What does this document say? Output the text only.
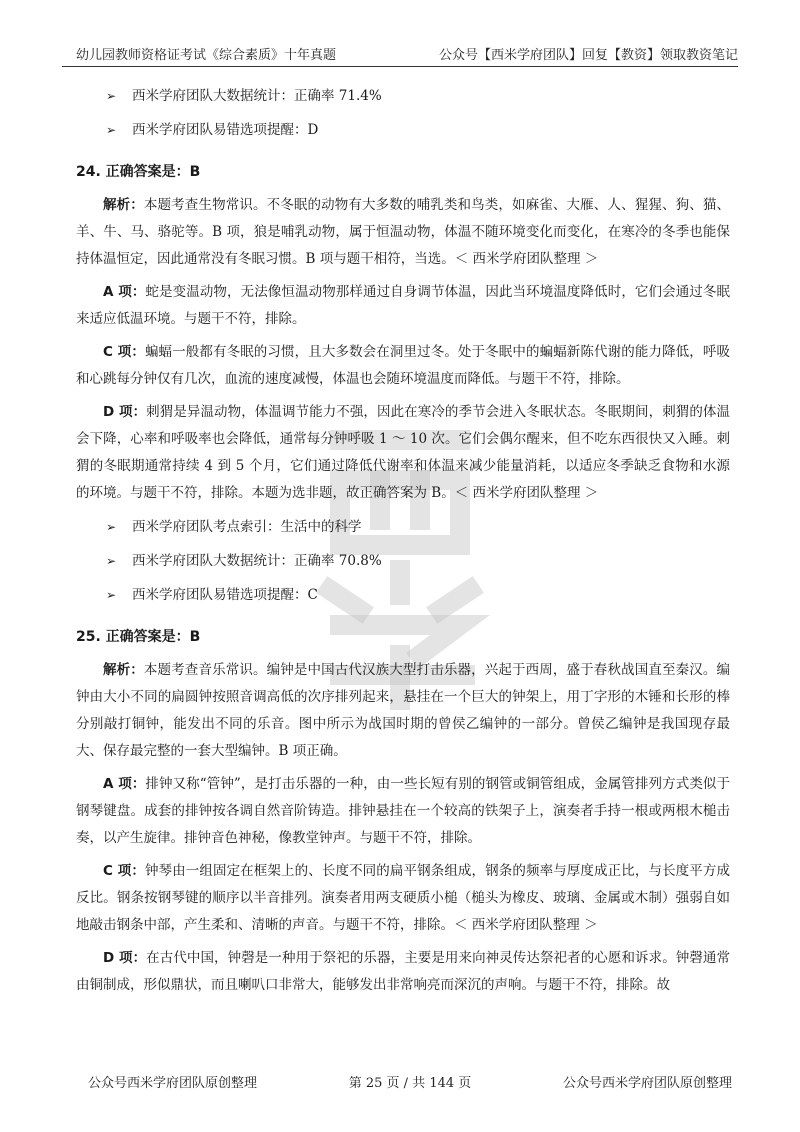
幼儿园教师资格证考试《综合素质》十年真题	公众号【西米学府团队】回复【教资】领取教资笔记
➢ 西米学府团队大数据统计：正确率 71.4%
➢ 西米学府团队易错选项提醒：D
24. 正确答案是：B

解析：本题考查生物常识。不冬眠的动物有大多数的哺乳类和鸟类，如麻雀、大雁、人、猩猩、狗、猫、羊、牛、马、骆驼等。B 项，狼是哺乳动物，属于恒温动物，体温不随环境变化而变化，在寒冷的冬季也能保持体温恒定，因此通常没有冬眠习惯。B 项与题干相符，当选。＜ 西米学府团队整理 ＞

A 项：蛇是变温动物，无法像恒温动物那样通过自身调节体温，因此当环境温度降低时，它们会通过冬眠来适应低温环境。与题干不符，排除。

C 项：蝙蝠一般都有冬眠的习惯，且大多数会在洞里过冬。处于冬眠中的蝙蝠新陈代谢的能力降低，呼吸和心跳每分钟仅有几次，血流的速度减慢，体温也会随环境温度而降低。与题干不符，排除。

D 项：刺猬是异温动物，体温调节能力不强，因此在寒冷的季节会进入冬眠状态。冬眠期间，刺猬的体温会下降，心率和呼吸率也会降低，通常每分钟呼吸 1 ～ 10 次。它们会偶尔醒来，但不吃东西很快又入睡。刺猬的冬眠期通常持续 4 到 5 个月，它们通过降低代谢率和体温来减少能量消耗，以适应冬季缺乏食物和水源的环境。与题干不符，排除。本题为选非题，故正确答案为 B。＜ 西米学府团队整理 ＞

➢ 西米学府团队考点索引：生活中的科学
➢ 西米学府团队大数据统计：正确率 70.8%
➢ 西米学府团队易错选项提醒：C
25. 正确答案是：B

解析：本题考查音乐常识。编钟是中国古代汉族大型打击乐器，兴起于西周，盛于春秋战国直至秦汉。编钟由大小不同的扁圆钟按照音调高低的次序排列起来，悬挂在一个巨大的钟架上，用丁字形的木锤和长形的棒分别敲打铜钟，能发出不同的乐音。图中所示为战国时期的曾侯乙编钟的一部分。曾侯乙编钟是我国现存最大、保存最完整的一套大型编钟。B 项正确。

A 项：排钟又称“管钟”，是打击乐器的一种，由一些长短有别的钢管或铜管组成，金属管排列方式类似于钢琴键盘。成套的排钟按各调自然音阶铸造。排钟悬挂在一个较高的铁架子上，演奏者手持一根或两根木槌击奏，以产生旋律。排钟音色神秘，像教堂钟声。与题干不符，排除。

C 项：钟琴由一组固定在框架上的、长度不同的扁平钢条组成，钢条的频率与厚度成正比，与长度平方成反比。钢条按钢琴键的顺序以半音排列。演奏者用两支硬质小槌（槌头为橡皮、玻璃、金属或木制）强弱自如地敲击钢条中部，产生柔和、清晰的声音。与题干不符，排除。＜ 西米学府团队整理 ＞

D 项：在古代中国，钟磬是一种用于祭祀的乐器，主要是用来向神灵传达祭祀者的心愿和诉求。钟磬通常由铜制成，形似鼎状，而且喇叭口非常大，能够发出非常响亮而深沉的声响。与题干不符，排除。故

公众号西米学府团队原创整理	第 25 页 / 共 144 页	公众号西米学府团队原创整理
